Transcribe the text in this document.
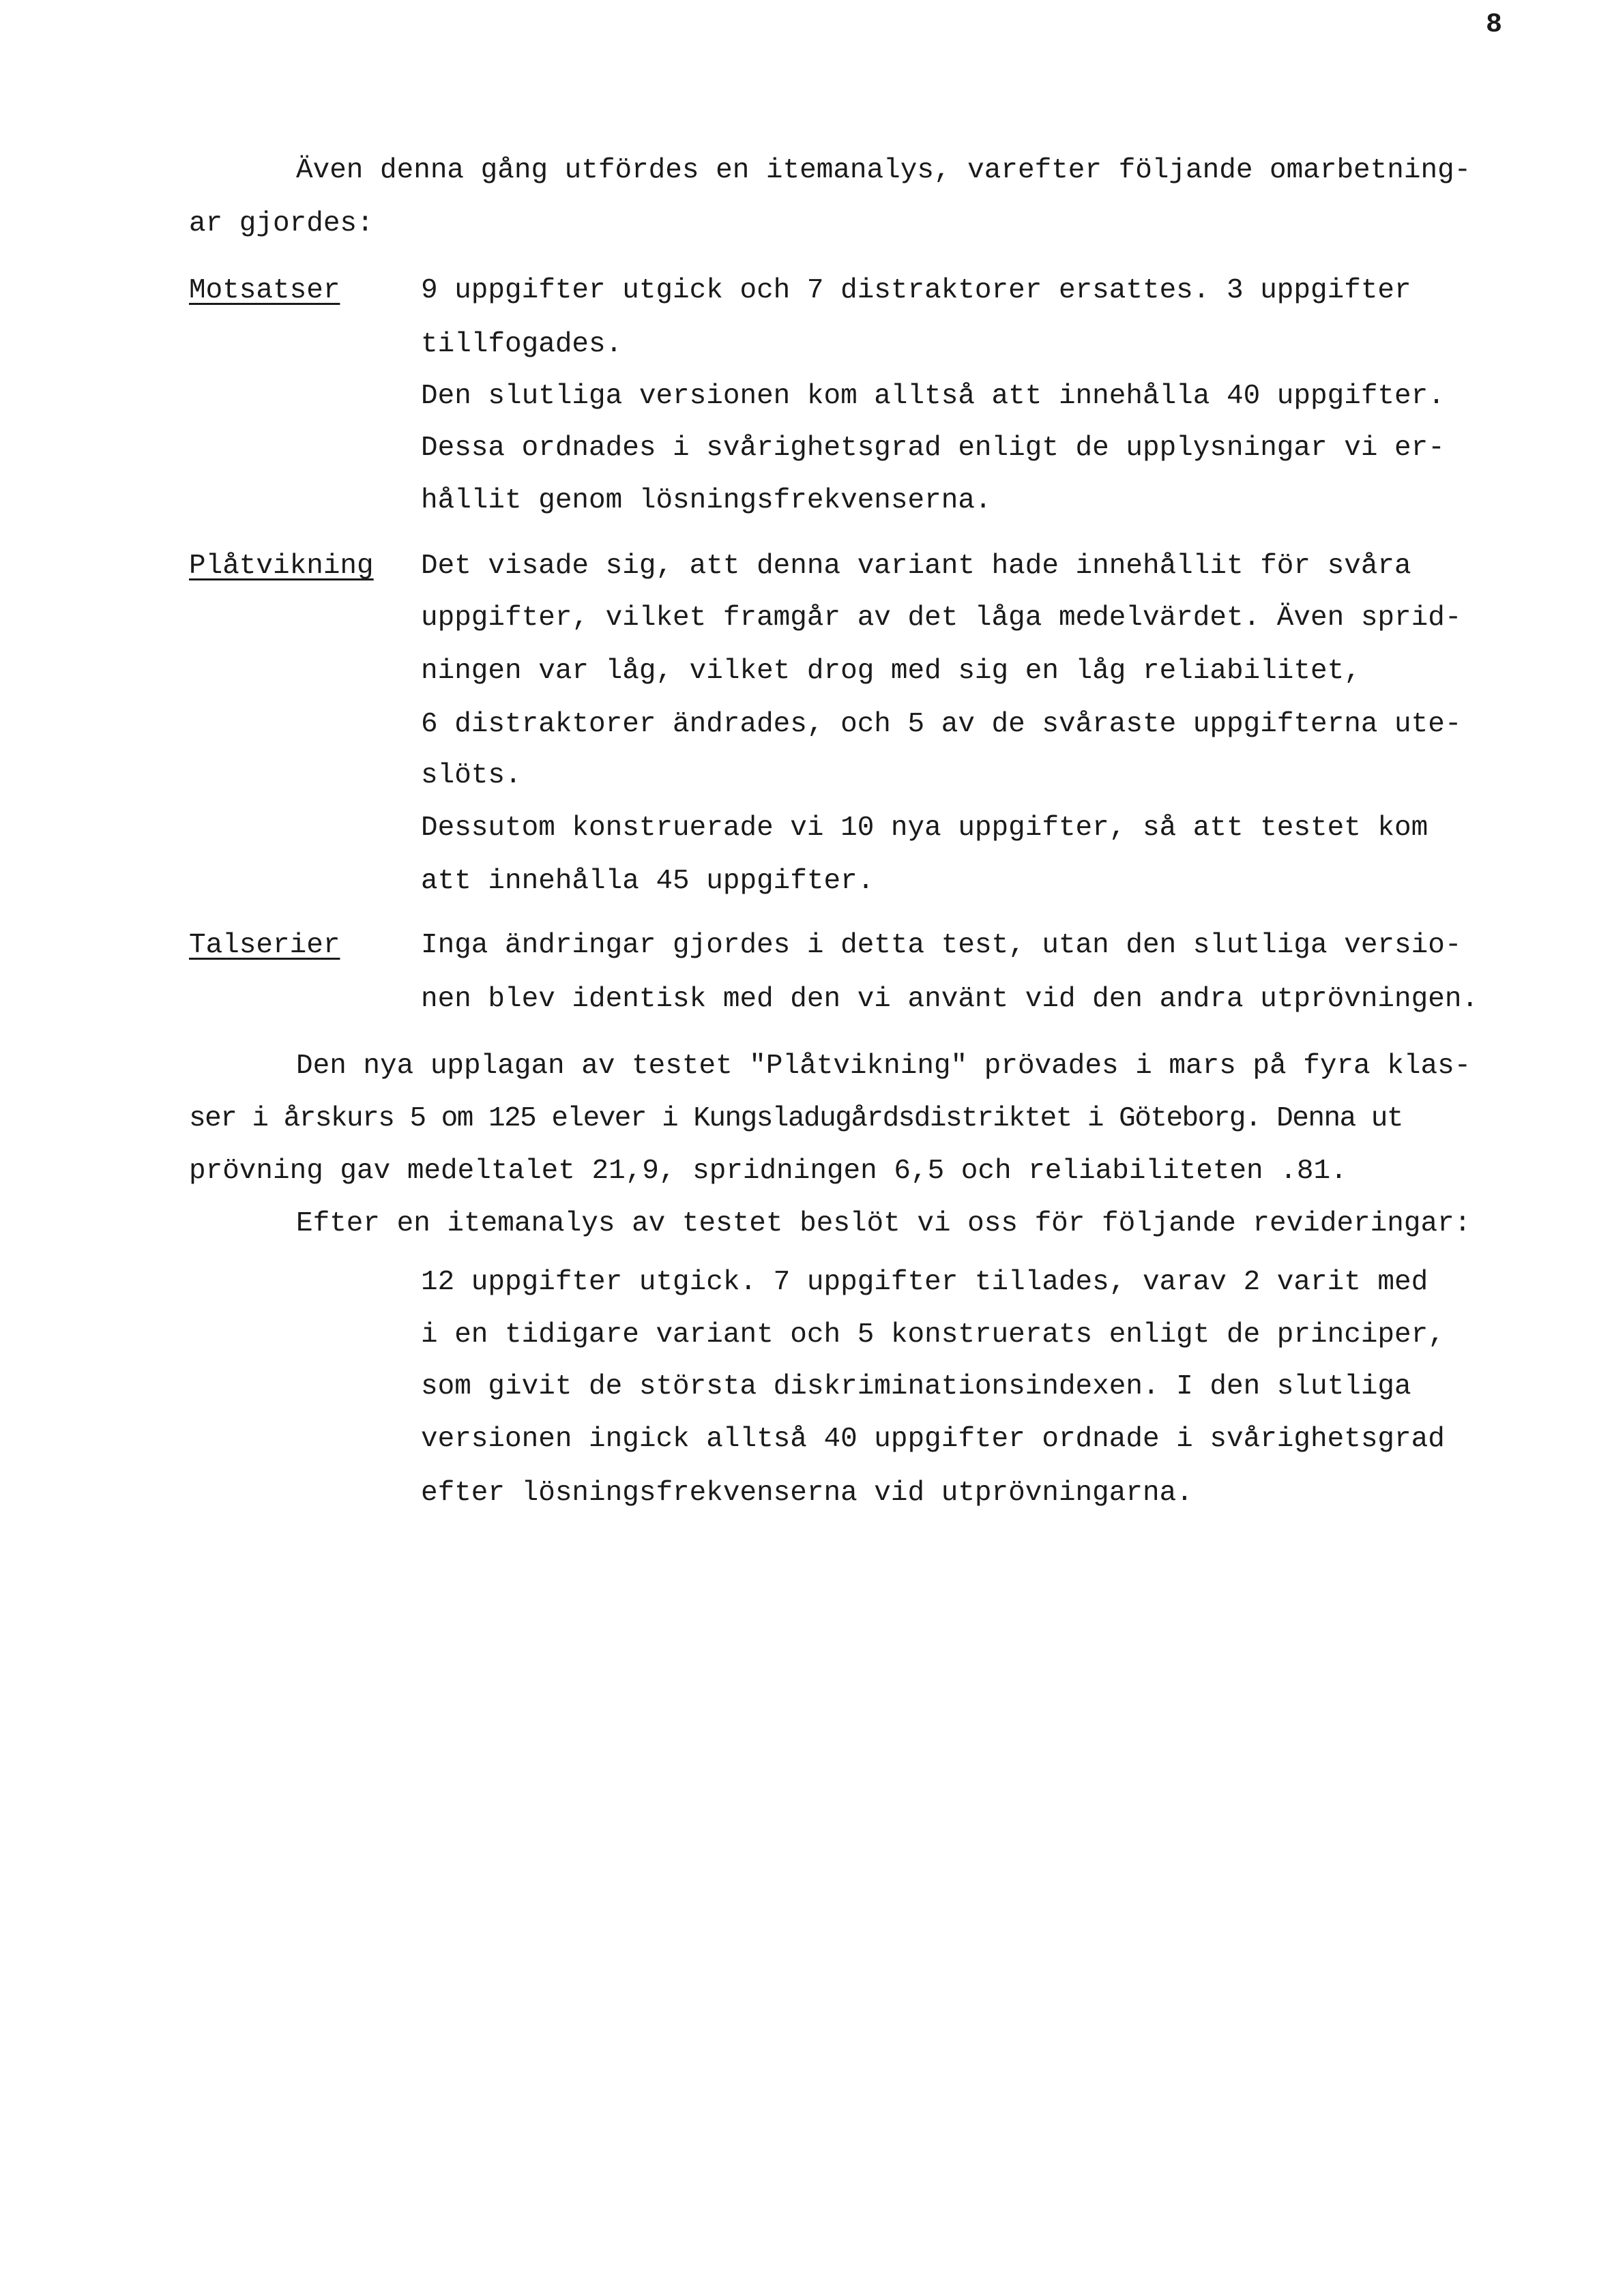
8
Även denna gång utfördes en itemanalys, varefter följande omarbetning-
ar gjordes:
Motsatser	9 uppgifter utgick och 7 distraktorer ersattes. 3 uppgifter
tillfogades.
Den slutliga versionen kom alltså att innehålla 40 uppgifter.
Dessa ordnades i svårighetsgrad enligt de upplysningar vi er-
hållit genom lösningsfrekvenserna.
Plåtvikning Det visade sig, att denna variant hade innehållit för svåra
uppgifter, vilket framgår av det låga medelvärdet. Även sprid-
ningen var låg, vilket drog med sig en låg reliabilitet,
6 distraktorer ändrades, och 5 av de svåraste uppgifterna ute-
slöts.
Dessutom konstruerade vi 10 nya uppgifter, så att testet kom
att innehålla 45 uppgifter.
Talserier	Inga ändringar gjordes i detta test, utan den slutliga versio-
nen blev identisk med den vi använt vid den andra utprövningen.
Den nya upplagan av testet "Plåtvikning" prövades i mars på fyra klas-
ser i årskurs 5 om 125 elever i Kungsladugårdsdistriktet i Göteborg. Denna ut
prövning gav medeltalet 21,9, spridningen 6,5 och reliabiliteten .81.
Efter en itemanalys av testet beslöt vi oss för följande revideringar:
12 uppgifter utgick. 7 uppgifter tillades, varav 2 varit med
i en tidigare variant och 5 konstruerats enligt de principer,
som givit de största diskriminationsindexen. I den slutliga
versionen ingick alltså 40 uppgifter ordnade i svårighetsgrad
efter lösningsfrekvenserna vid utprövningarna.
